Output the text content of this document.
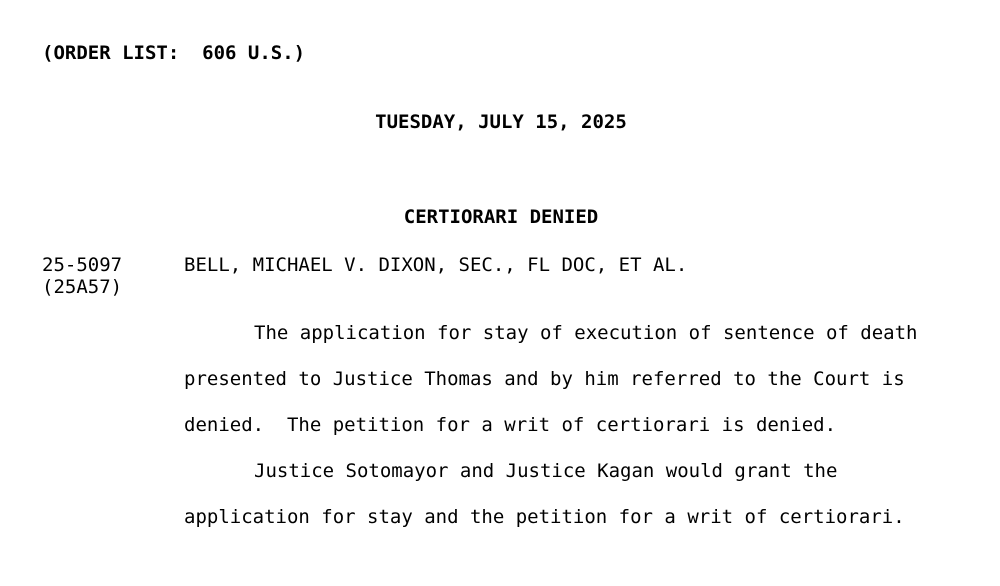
(ORDER LIST:  606 U.S.)
TUESDAY, JULY 15, 2025
CERTIORARI DENIED
25-5097
(25A57)
BELL, MICHAEL V. DIXON, SEC., FL DOC, ET AL.
The application for stay of execution of sentence of death
presented to Justice Thomas and by him referred to the Court is
denied.  The petition for a writ of certiorari is denied.
Justice Sotomayor and Justice Kagan would grant the
application for stay and the petition for a writ of certiorari.
